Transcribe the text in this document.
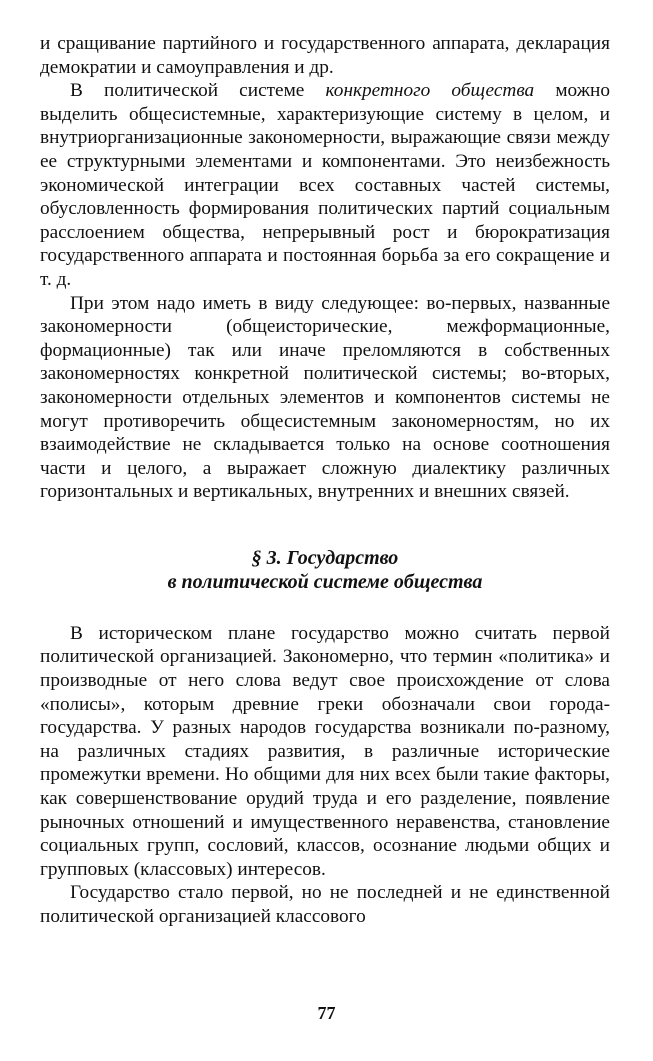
и сращивание партийного и государственного аппарата, декларация демократии и самоуправления и др.

В политической системе конкретного общества можно выделить общесистемные, характеризующие систему в целом, и внутриорганизационные закономерности, выражающие связи между ее структурными элементами и компонентами. Это неизбежность экономической интеграции всех составных частей системы, обусловленность формирования политических партий социальным расслоением общества, непрерывный рост и бюрократизация государственного аппарата и постоянная борьба за его сокращение и т. д.

При этом надо иметь в виду следующее: во-первых, названные закономерности (общеисторические, межформационные, формационные) так или иначе преломляются в собственных закономерностях конкретной политической системы; во-вторых, закономерности отдельных элементов и компонентов системы не могут противоречить общесистемным закономерностям, но их взаимодействие не складывается только на основе соотношения части и целого, а выражает сложную диалектику различных горизонтальных и вертикальных, внутренних и внешних связей.

§ 3. Государство
в политической системе общества

В историческом плане государство можно считать первой политической организацией. Закономерно, что термин «политика» и производные от него слова ведут свое происхождение от слова «полисы», которым древние греки обозначали свои города-государства. У разных народов государства возникали по-разному, на различных стадиях развития, в различные исторические промежутки времени. Но общими для них всех были такие факторы, как совершенствование орудий труда и его разделение, появление рыночных отношений и имущественного неравенства, становление социальных групп, сословий, классов, осознание людьми общих и групповых (классовых) интересов.

Государство стало первой, но не последней и не единственной политической организацией классового

77
